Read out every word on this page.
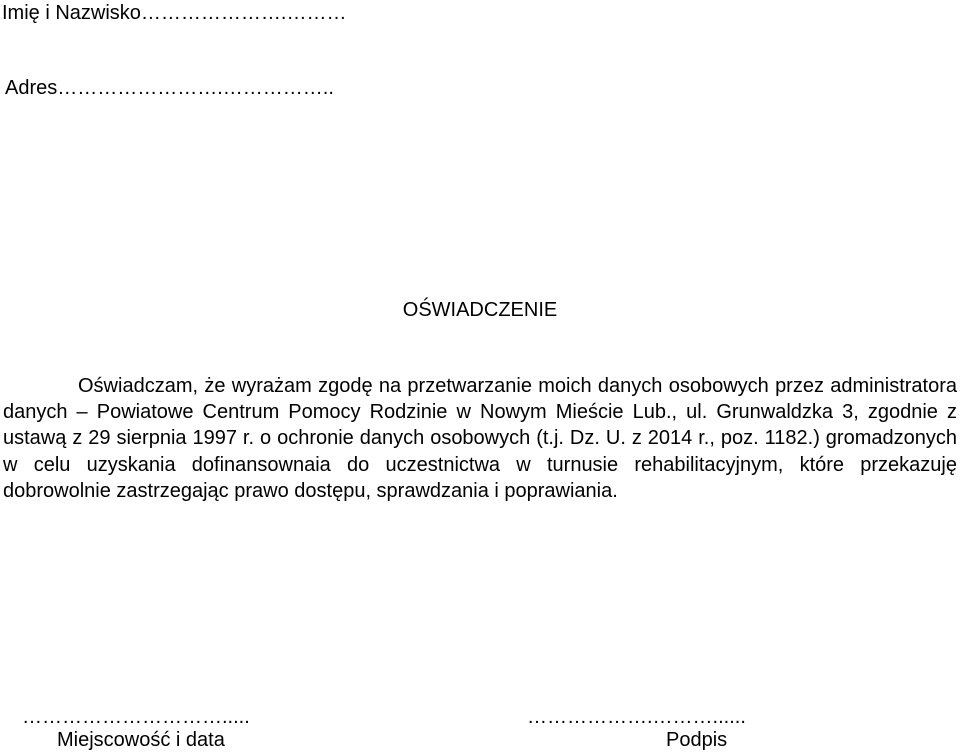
Imię i Nazwisko………………….………
Adres…………………….……………..
OŚWIADCZENIE
Oświadczam, że wyrażam zgodę na przetwarzanie moich danych osobowych przez administratora danych – Powiatowe Centrum Pomocy Rodzinie w Nowym Mieście Lub., ul. Grunwaldzka 3, zgodnie z ustawą z 29 sierpnia 1997 r. o ochronie danych osobowych (t.j. Dz. U. z 2014 r., poz. 1182.) gromadzonych w celu uzyskania dofinansownaia do uczestnictwa w turnusie rehabilitacyjnym, które przekazuję dobrowolnie zastrzegając prawo dostępu, sprawdzania i poprawiania.
………………………….....
Miejscowość i data
……………….………......
Podpis
